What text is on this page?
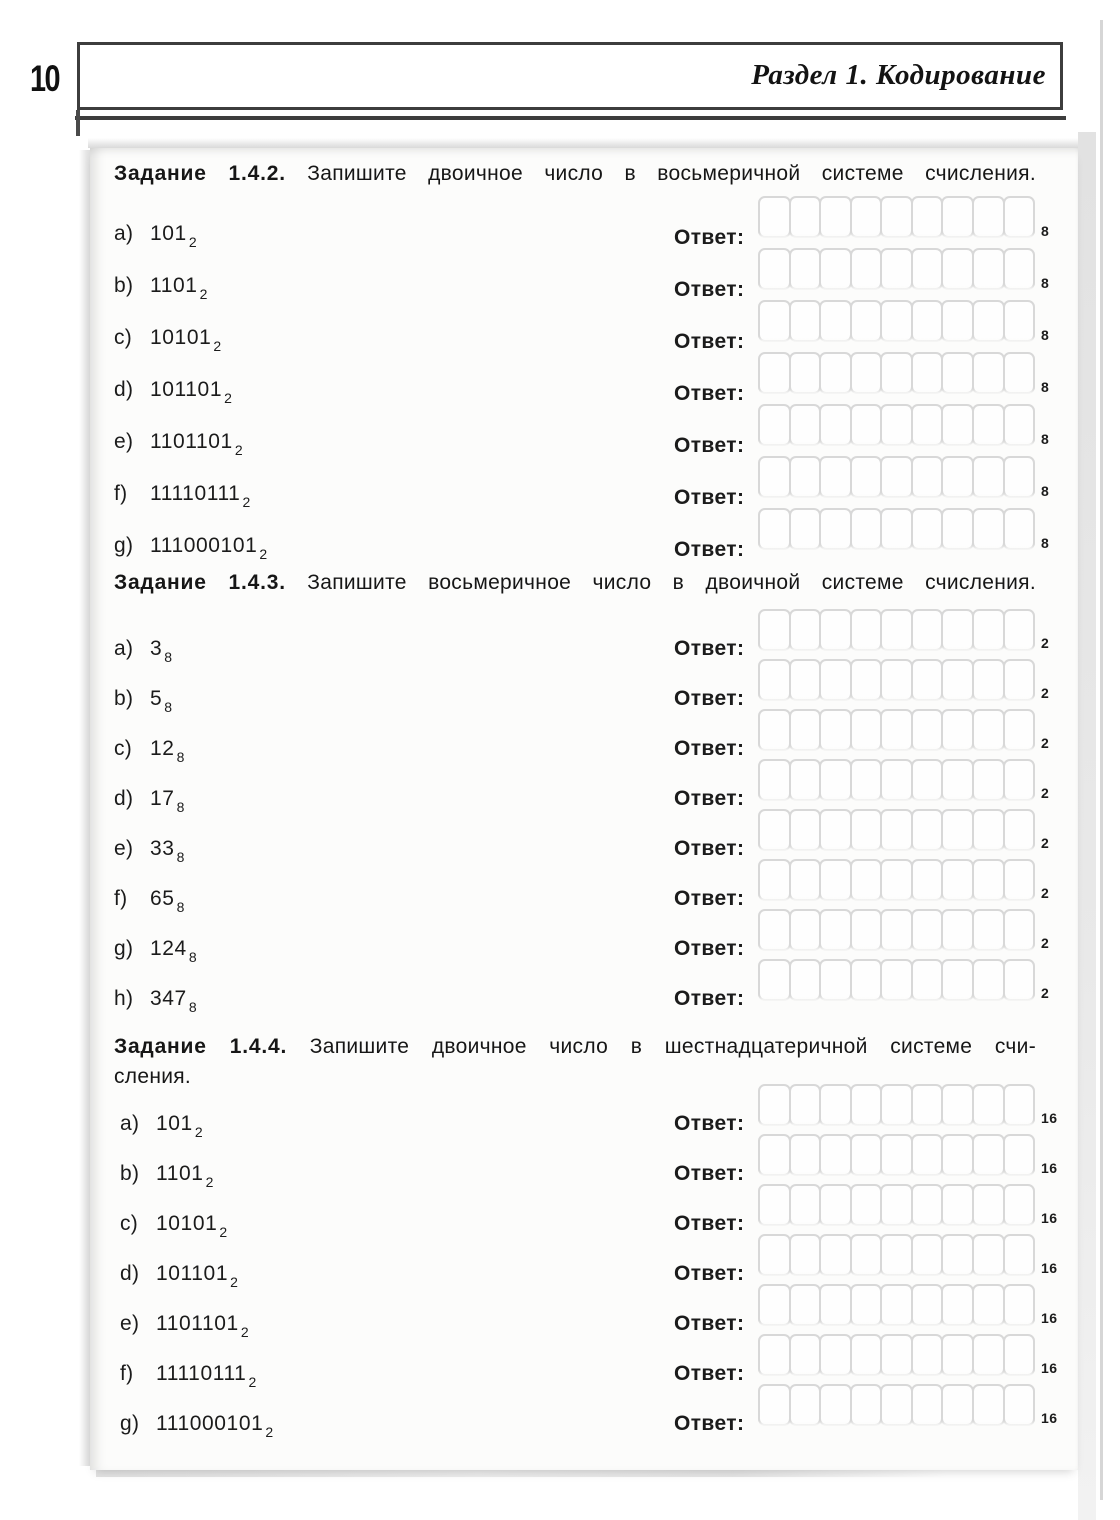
10	Раздел 1. Кодирование
Задание 1.4.2. Запишите двоичное число в восьмеричной системе счисления.
a) 101 $_2$	Ответ:	8
b) 1101 $_2$	Ответ:	8
c) 10101 $_2$	Ответ:	8
d) 101101 $_2$	Ответ:	8
e) 1101101 $_2$	Ответ:	8
f) 11110111 $_2$	Ответ:	8
g) 111000101 $_2$	Ответ:	8
Задание 1.4.3. Запишите восьмеричное число в двоичной системе счисления.
a) 3 $_8$	Ответ:	2
b) 5 $_8$	Ответ:	2
c) 12 $_8$	Ответ:	2
d) 17 $_8$	Ответ:	2
e) 33 $_8$	Ответ:	2
f) 65 $_8$	Ответ:	2
g) 124 $_8$	Ответ:	2
h) 347 $_8$	Ответ:	2
Задание 1.4.4. Запишите двоичное число в шестнадцатеричной системе счи-
сления.
a) 101 $_2$	Ответ:	16
b) 1101 $_2$	Ответ:	16
c) 10101 $_2$	Ответ:	16
d) 101101 $_2$	Ответ:	16
e) 1101101 $_2$	Ответ:	16
f) 11110111 $_2$	Ответ:	16
g) 111000101 $_2$	Ответ:	16
